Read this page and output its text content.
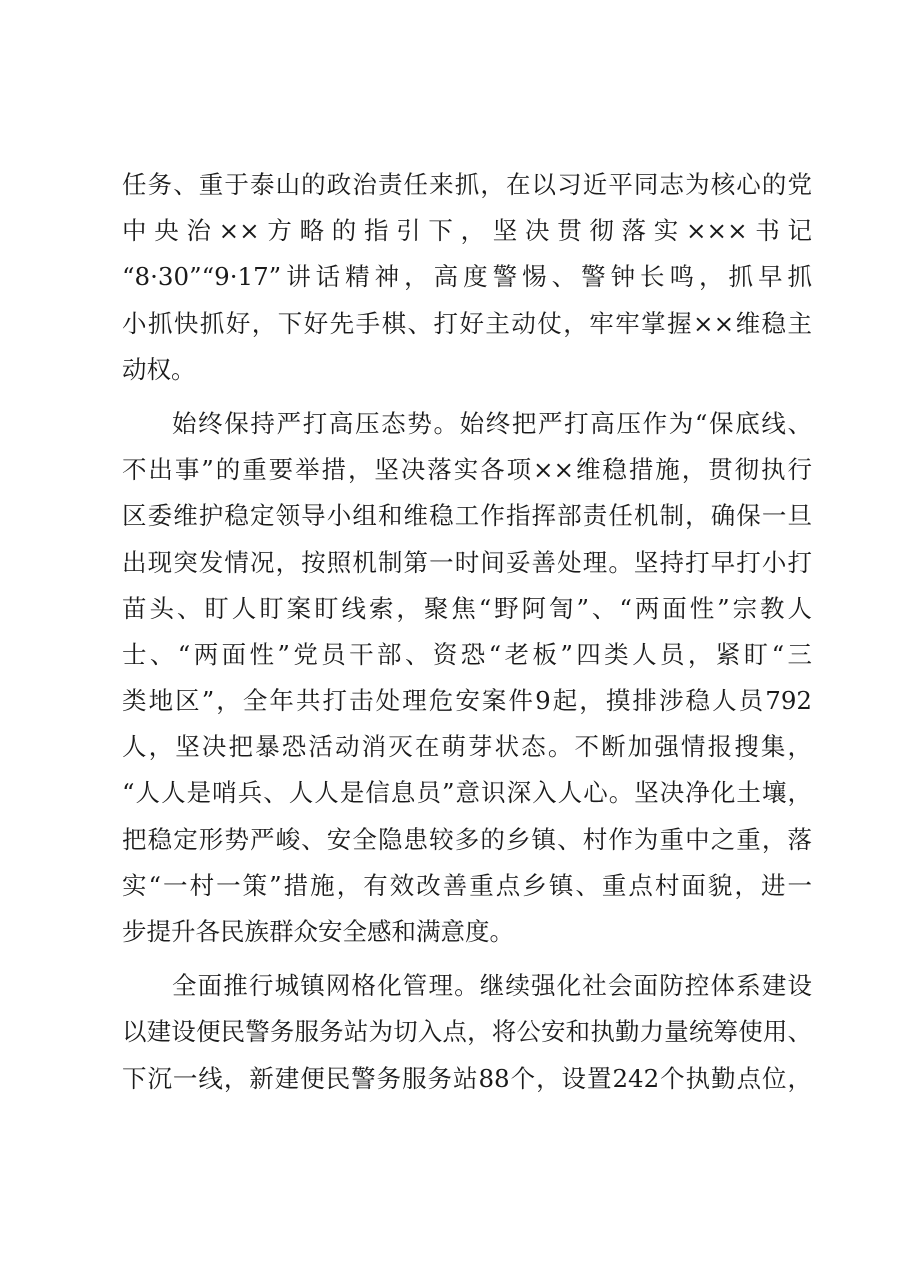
任务、重于泰山的政治责任来抓，在以习近平同志为核心的党
中央治××方略的指引下，坚决贯彻落实×××书记
“8·30”“9·17”讲话精神，高度警惕、警钟长鸣，抓早抓
小抓快抓好，下好先手棋、打好主动仗，牢牢掌握××维稳主
动权。
始终保持严打高压态势。始终把严打高压作为“保底线、
不出事”的重要举措，坚决落实各项××维稳措施，贯彻执行
区委维护稳定领导小组和维稳工作指挥部责任机制，确保一旦
出现突发情况，按照机制第一时间妥善处理。坚持打早打小打
苗头、盯人盯案盯线索，聚焦“野阿訇”、“两面性”宗教人
士、“两面性”党员干部、资恐“老板”四类人员，紧盯“三
类地区”，全年共打击处理危安案件9起，摸排涉稳人员792
人，坚决把暴恐活动消灭在萌芽状态。不断加强情报搜集，
“人人是哨兵、人人是信息员”意识深入人心。坚决净化土壤，
把稳定形势严峻、安全隐患较多的乡镇、村作为重中之重，落
实“一村一策”措施，有效改善重点乡镇、重点村面貌，进一
步提升各民族群众安全感和满意度。
全面推行城镇网格化管理。继续强化社会面防控体系建设
以建设便民警务服务站为切入点，将公安和执勤力量统筹使用、
下沉一线，新建便民警务服务站88个，设置242个执勤点位，
